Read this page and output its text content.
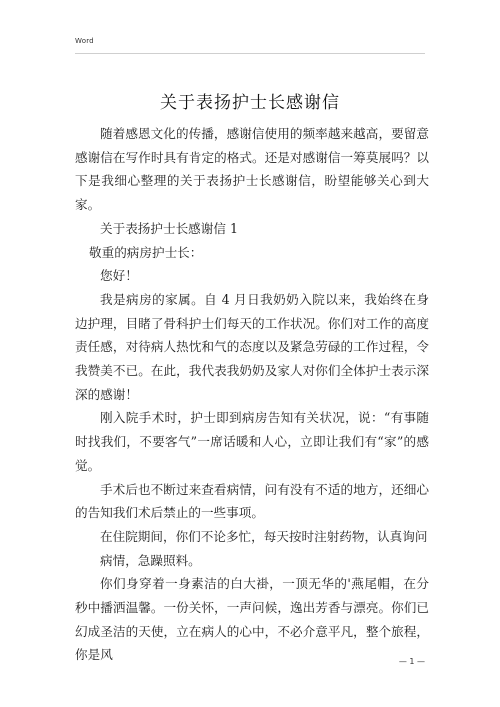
Word
关于表扬护士长感谢信

随着感恩文化的传播，感谢信使用的频率越来越高，要留意感谢信在写作时具有肯定的格式。还是对感谢信一筹莫展吗？以下是我细心整理的关于表扬护士长感谢信，盼望能够关心到大家。

关于表扬护士长感谢信 1

敬重的病房护士长：

您好！

我是病房的家属。自 4 月日我奶奶入院以来，我始终在身边护理，目睹了骨科护士们每天的工作状况。你们对工作的高度责任感，对待病人热忱和气的态度以及紧急劳碌的工作过程，令我赞美不已。在此，我代表我奶奶及家人对你们全体护士表示深深的感谢！

刚入院手术时，护士即到病房告知有关状况，说：“有事随时找我们，不要客气”一席话暖和人心，立即让我们有“家”的感觉。

手术后也不断过来查看病情，问有没有不适的地方，还细心的告知我们术后禁止的一些事项。

在住院期间，你们不论多忙，每天按时注射药物，认真询问

病情，急躁照料。

你们身穿着一身素洁的白大褂，一顶无华的'燕尾帽，在分秒中播洒温馨。一份关怀，一声问候，逸出芳香与漂亮。你们已幻成圣洁的天使，立在病人的心中，不必介意平凡，整个旅程，你是风	— 1 —
